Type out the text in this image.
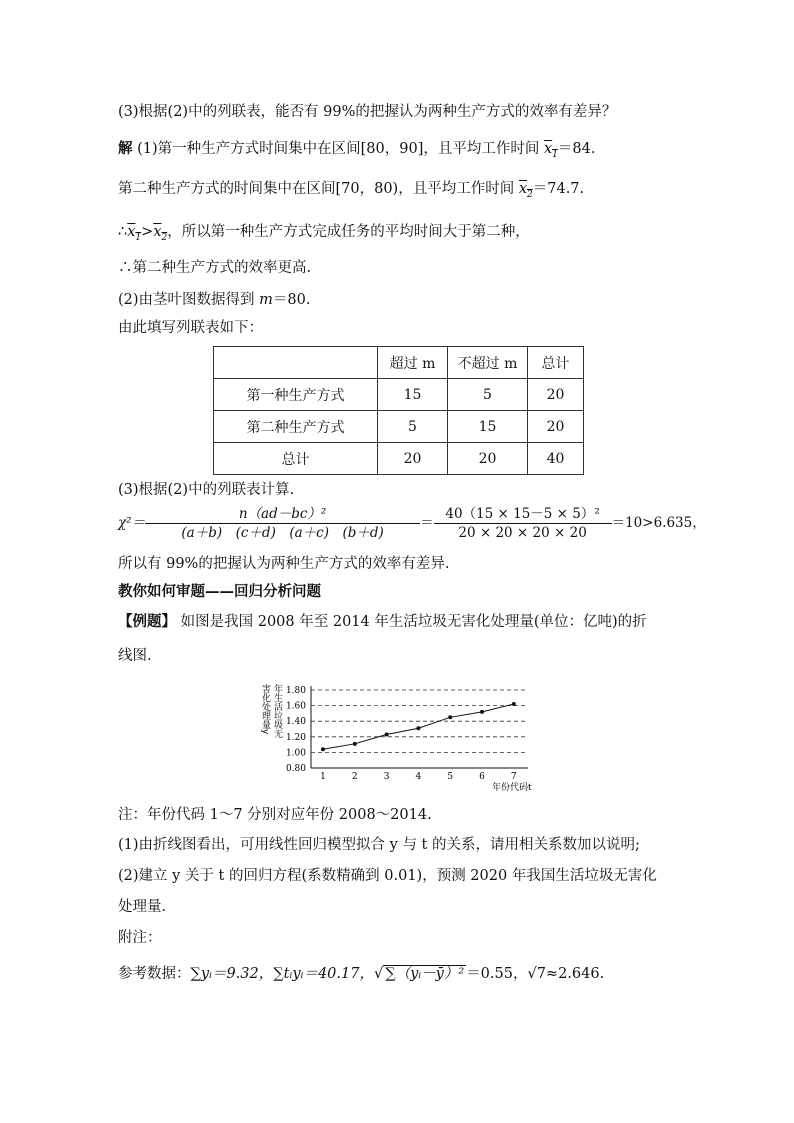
(3)根据(2)中的列联表，能否有 99%的把握认为两种生产方式的效率有差异？
解 (1)第一种生产方式时间集中在区间[80，90]，且平均工作时间 $x_1=84$.
第二种生产方式的时间集中在区间[70，80)，且平均工作时间 $x_2=74.7$.
$\therefore x_1>x_2$，所以第一种生产方式完成任务的平均时间大于第二种，
∴第二种生产方式的效率更高.
(2)由茎叶图数据得到 m＝80.
由此填写列联表如下：
	超过 m	不超过 m	总计
第一种生产方式	15	5	20
第二种生产方式	5	15	20
总计	20	20	40
(3)根据(2)中的列联表计算.
$\chi^2= \frac{\text{n（ad－bc）²}}{(a+b) (c+d) (a+c) (b+d)} = \frac{\text{40（15 × 15－5 × 5）²}}{20 \times 20 \times 20 \times 20} =10>6.635$，
所以有 99%的把握认为两种生产方式的效率有差异.
教你如何审题——回归分析问题
【例题】 如图是我国 2008 年至 2014 年生活垃圾无害化处理量(单位：亿吨)的折
线图.
1.80
1.60
1.40
1.20
1.00
0.80
1	2	3	4	5	6	7
年生活垃圾无
害化处理量y
年份代码t
注：年份代码 1～7 分别对应年份 2008～2014.
(1)由折线图看出，可用线性回归模型拟合 y 与 t 的关系，请用相关系数加以说明;
(2)建立 y 关于 t 的回归方程(系数精确到 0.01)，预测 2020 年我国生活垃圾无害化
处理量.
附注：
参考数据：∑yᵢ＝9.32，∑tᵢyᵢ＝40.17，√ ∑（yᵢ－ȳ）² ＝0.55，√7≈2.646.
